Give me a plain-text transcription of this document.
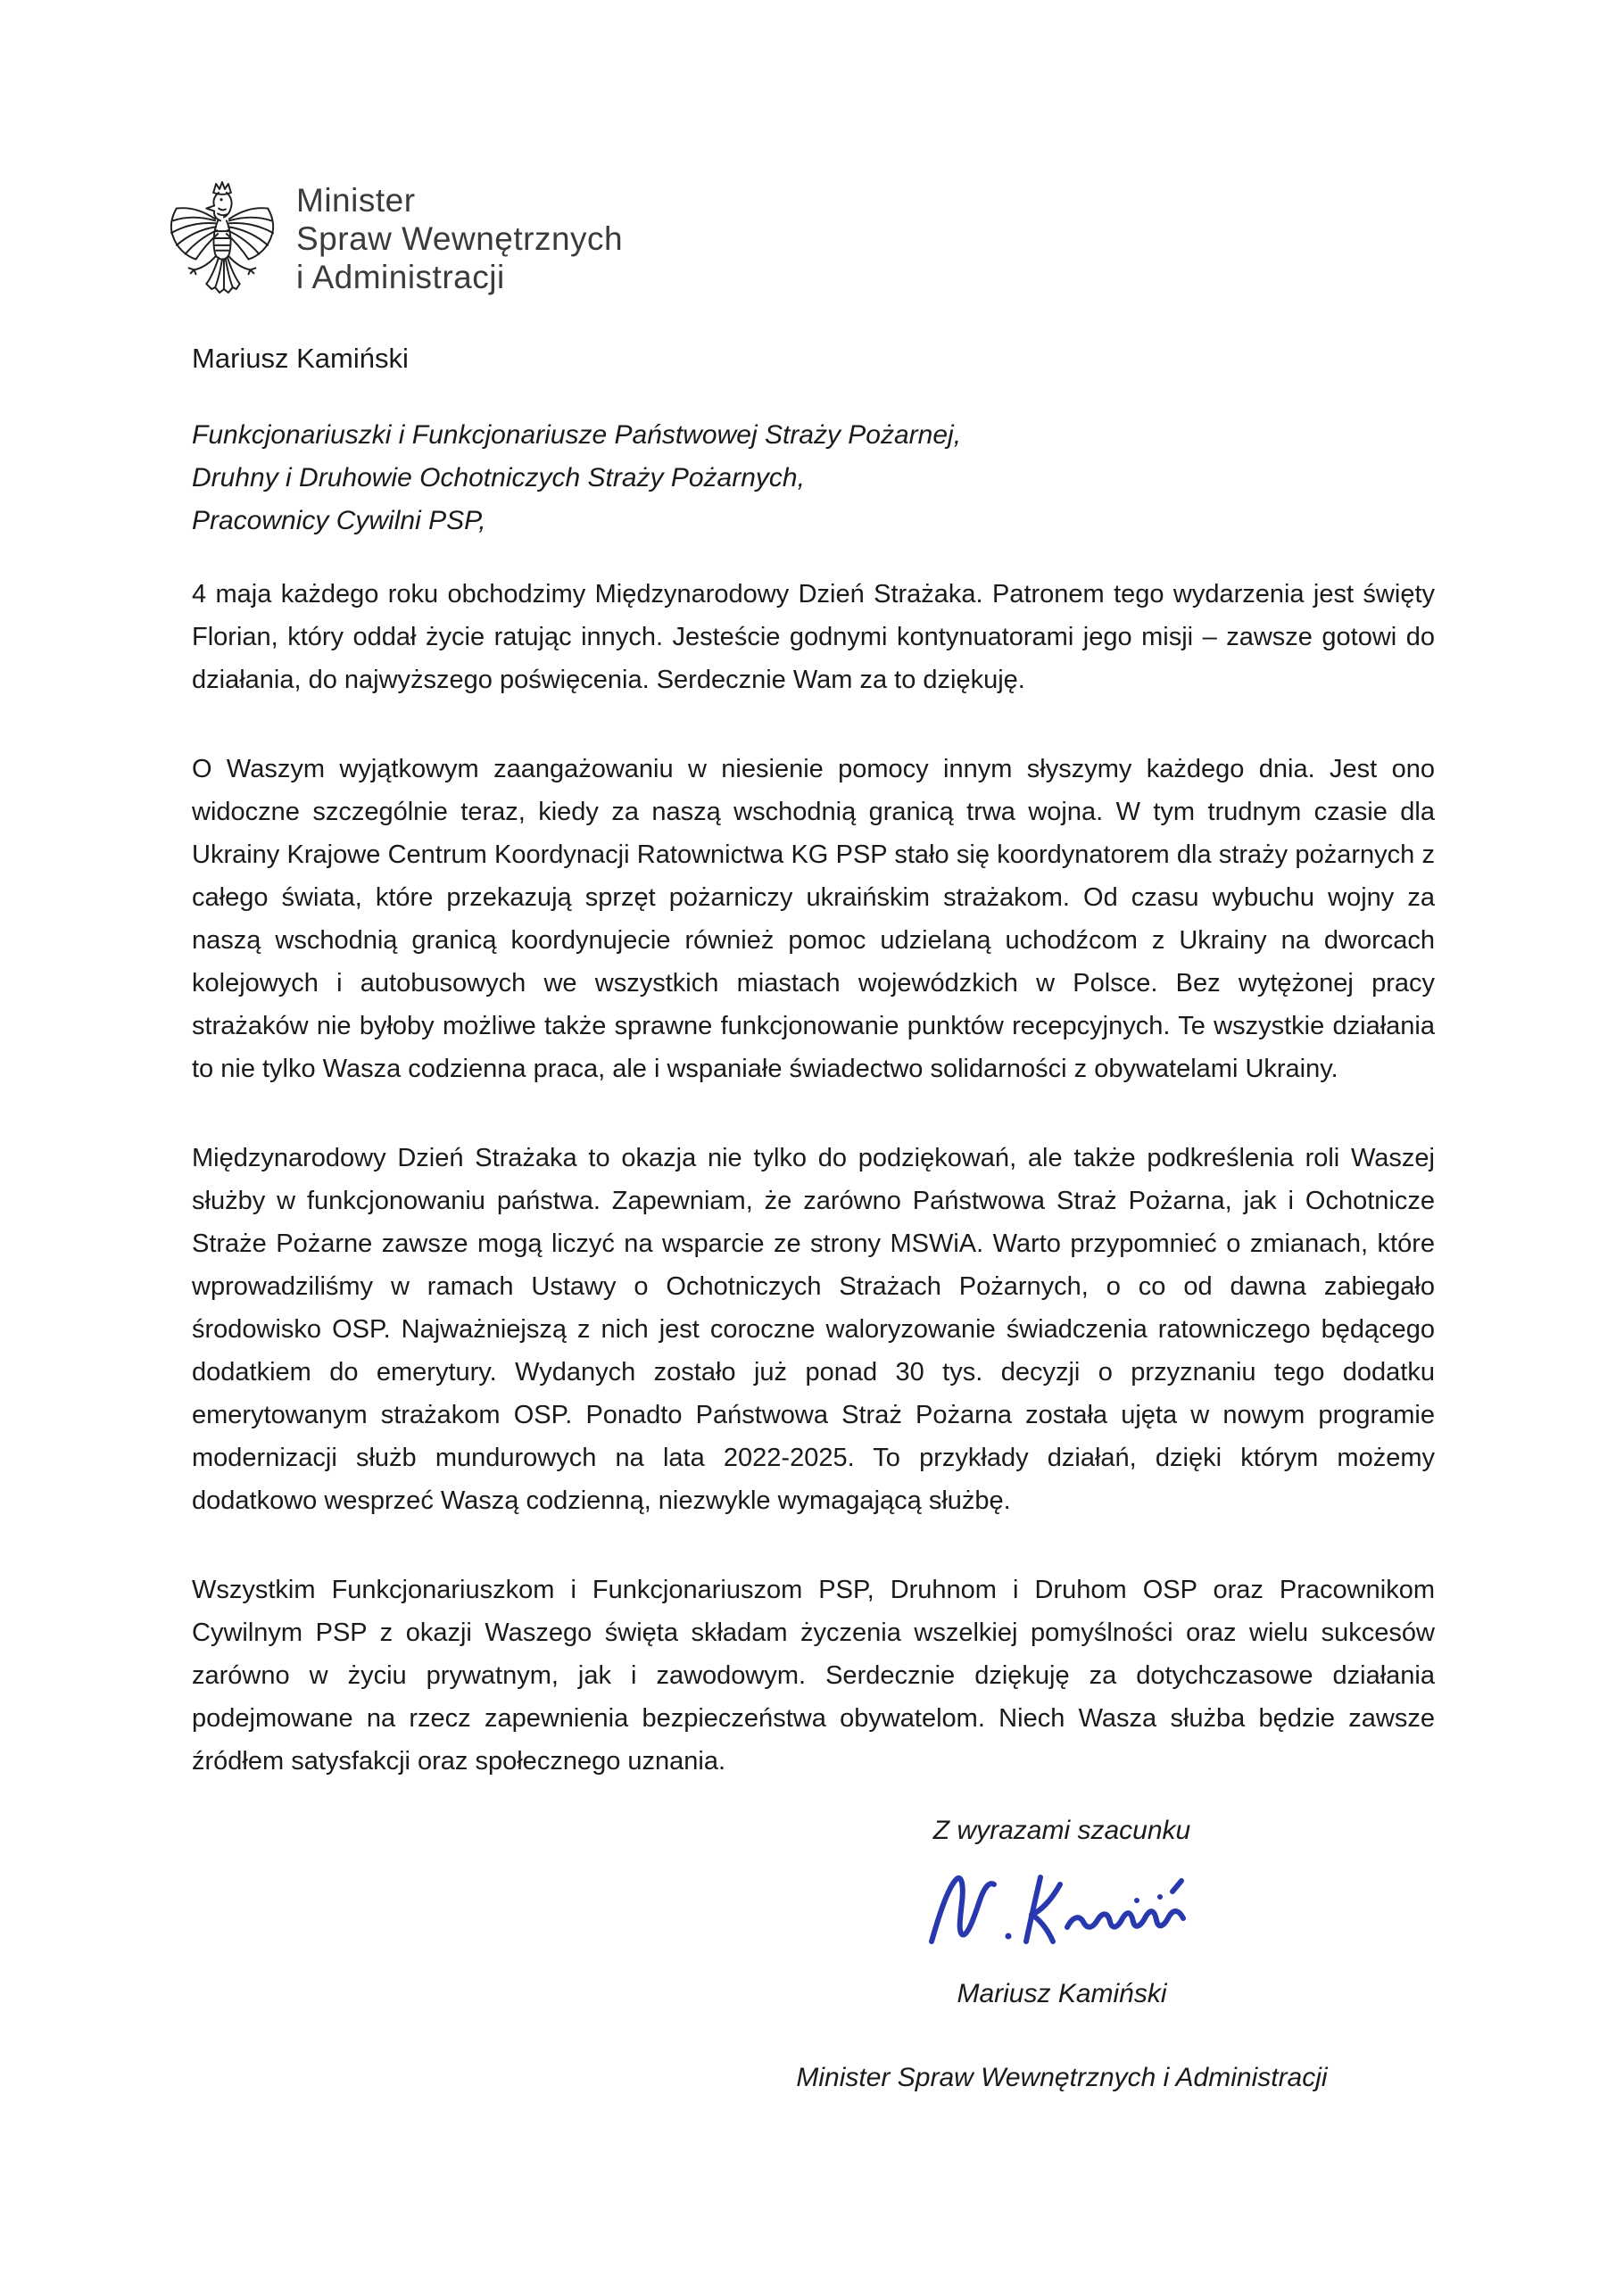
Minister
Spraw Wewnętrznych
i Administracji
Mariusz Kamiński
Funkcjonariuszki i Funkcjonariusze Państwowej Straży Pożarnej,
Druhny i Druhowie Ochotniczych Straży Pożarnych,
Pracownicy Cywilni PSP,

4 maja każdego roku obchodzimy Międzynarodowy Dzień Strażaka. Patronem tego wydarzenia jest święty Florian, który oddał życie ratując innych. Jesteście godnymi kontynuatorami jego misji – zawsze gotowi do działania, do najwyższego poświęcenia. Serdecznie Wam za to dziękuję.

O Waszym wyjątkowym zaangażowaniu w niesienie pomocy innym słyszymy każdego dnia. Jest ono widoczne szczególnie teraz, kiedy za naszą wschodnią granicą trwa wojna. W tym trudnym czasie dla Ukrainy Krajowe Centrum Koordynacji Ratownictwa KG PSP stało się koordynatorem dla straży pożarnych z całego świata, które przekazują sprzęt pożarniczy ukraińskim strażakom. Od czasu wybuchu wojny za naszą wschodnią granicą koordynujecie również pomoc udzielaną uchodźcom z Ukrainy na dworcach kolejowych i autobusowych we wszystkich miastach wojewódzkich w Polsce. Bez wytężonej pracy strażaków nie byłoby możliwe także sprawne funkcjonowanie punktów recepcyjnych. Te wszystkie działania to nie tylko Wasza codzienna praca, ale i wspaniałe świadectwo solidarności z obywatelami Ukrainy.

Międzynarodowy Dzień Strażaka to okazja nie tylko do podziękowań, ale także podkreślenia roli Waszej służby w funkcjonowaniu państwa. Zapewniam, że zarówno Państwowa Straż Pożarna, jak i Ochotnicze Straże Pożarne zawsze mogą liczyć na wsparcie ze strony MSWiA. Warto przypomnieć o zmianach, które wprowadziliśmy w ramach Ustawy o Ochotniczych Strażach Pożarnych, o co od dawna zabiegało środowisko OSP. Najważniejszą z nich jest coroczne waloryzowanie świadczenia ratowniczego będącego dodatkiem do emerytury. Wydanych zostało już ponad 30 tys. decyzji o przyznaniu tego dodatku emerytowanym strażakom OSP. Ponadto Państwowa Straż Pożarna została ujęta w nowym programie modernizacji służb mundurowych na lata 2022-2025. To przykłady działań, dzięki którym możemy dodatkowo wesprzeć Waszą codzienną, niezwykle wymagającą służbę.

Wszystkim Funkcjonariuszkom i Funkcjonariuszom PSP, Druhnom i Druhom OSP oraz Pracownikom Cywilnym PSP z okazji Waszego święta składam życzenia wszelkiej pomyślności oraz wielu sukcesów zarówno w życiu prywatnym, jak i zawodowym. Serdecznie dziękuję za dotychczasowe działania podejmowane na rzecz zapewnienia bezpieczeństwa obywatelom. Niech Wasza służba będzie zawsze źródłem satysfakcji oraz społecznego uznania.

Z wyrazami szacunku
Mariusz Kamiński
Minister Spraw Wewnętrznych i Administracji
